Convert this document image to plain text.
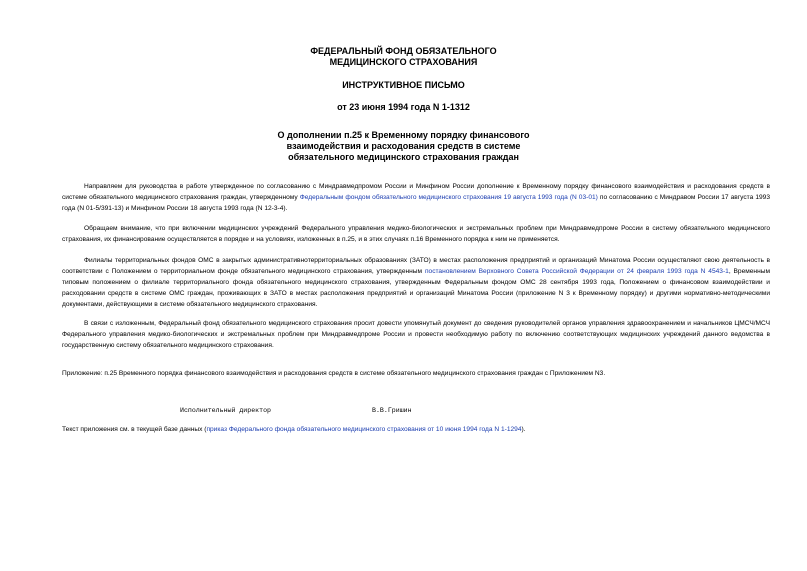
ФЕДЕРАЛЬНЫЙ ФОНД ОБЯЗАТЕЛЬНОГО
МЕДИЦИНСКОГО СТРАХОВАНИЯ
ИНСТРУКТИВНОЕ ПИСЬМО
от 23 июня 1994 года N 1-1312
О дополнении п.25 к Временному порядку финансового
взаимодействия и расходования средств в системе
обязательного медицинского страхования граждан
Направляем для руководства в работе утвержденное по согласованию с Миндравмедпромом России и Минфином России дополнение к Временному порядку финансового взаимодействия и расходования средств в системе обязательного медицинского страхования граждан, утвержденному Федеральным фондом обязательного медицинского страхования 19 августа 1993 года (N 03-01) по согласованию с Миндравом России 17 августа 1993 года (N 01-5/391-13) и Минфином России 18 августа 1993 года (N 12-3-4).
Обращаем внимание, что при включении медицинских учреждений Федерального управления медико-биологических и экстремальных проблем при Миндравмедпроме России в систему обязательного медицинского страхования, их финансирование осуществляется в порядке и на условиях, изложенных в п.25, и в этих случаях п.16 Временного порядка к ним не применяется.
Филиалы территориальных фондов ОМС в закрытых административнотерриториальных образованиях (ЗАТО) в местах расположения предприятий и организаций Минатома России осуществляют свою деятельность в соответствии с Положением о территориальном фонде обязательного медицинского страхования, утвержденным постановлением Верховного Совета Российской Федерации от 24 февраля 1993 года N 4543-1, Временным типовым положением о филиале территориального фонда обязательного медицинского страхования, утвержденным Федеральным фондом ОМС 28 сентября 1993 года, Положением о финансовом взаимодействии и расходовании средств в системе ОМС граждан, проживающих в ЗАТО в местах расположения предприятий и организаций Минатома России (приложение N 3 к Временному порядку) и другими нормативно-методическими документами, действующими в системе обязательного медицинского страхования.
В связи с изложенным, Федеральный фонд обязательного медицинского страхования просит довести упомянутый документ до сведения руководителей органов управления здравоохранением и начальников ЦМСЧ/МСЧ Федерального управления медико-биологических и экстремальных проблем при Миндравмедпроме России и провести необходимую работу по включению соответствующих медицинских учреждений данного ведомства в государственную систему обязательного медицинского страхования.
Приложение: п.25 Временного порядка финансового взаимодействия и расходования средств в системе обязательного медицинского страхования граждан с Приложением N3.
Исполнительный директор	В.В.Гришин
Текст приложения см. в текущей базе данных (приказ Федерального фонда обязательного медицинского страхования от 10 июня 1994 года N 1-1294).
